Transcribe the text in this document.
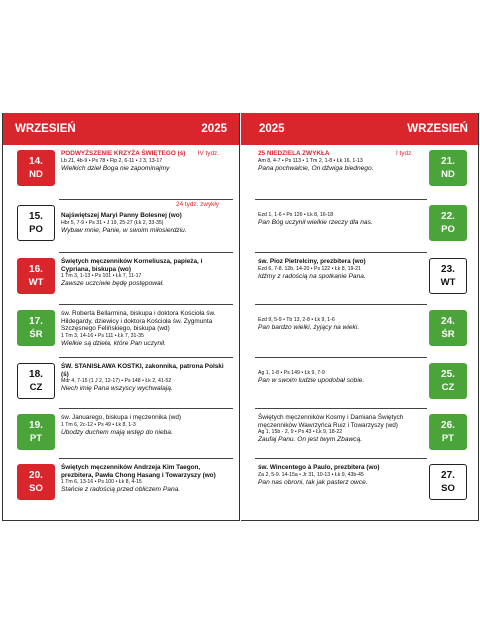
WRZESIEŃ	2025
14.
ND
IV tydz.
PODWYŻSZENIE KRZYŻA ŚWIĘTEGO (ś)
Lb 21, 4b-9 • Ps 78 • Flp 2, 6-11 • J 3, 13-17
Wielkich dzieł Boga nie zapominajmy
15.
PO
24 tydz. zwykły
Najświętszej Maryi Panny Bolesnej (wo)
Hbr 5, 7-9 • Ps 31 • J 19, 25-27 (Łk 2, 33-35)
Wybaw mnie, Panie, w swoim miłosierdziu.
16.
WT
Świętych męczenników Korneliusza, papieża, i Cypriana, biskupa (wo)
1 Tm 3, 1-13 • Ps 101 • Łk 7, 11-17
Zawsze uczciwie będę postępował.
17.
ŚR
św. Roberta Bellarmina, biskupa i doktora Kościoła św. Hildegardy, dziewicy i doktora Kościoła św. Zygmunta Szczęsnego Felińskiego, biskupa (wd)
1 Tm 3, 14-16 • Ps 111 • Łk 7, 31-35
Wielkie są dzieła, które Pan uczynił.
18.
CZ
ŚW. STANISŁAWA KOSTKI, zakonnika, patrona Polski (ś)
Mdr 4, 7-15 (1 J 2, 12-17) • Ps 148 • Łk 2, 41-52
Niech imię Pana wszyscy wychwalają.
19.
PT
św. Januarego, biskupa i męczennika (wd)
1 Tm 6, 2c-12 • Ps 49 • Łk 8, 1-3
Ubodzy duchem mają wstęp do nieba.
20.
SO
Świętych męczenników Andrzeja Kim Taegon, prezbitera, Pawła Chong Hasang i Towarzyszy (wo)
1 Tm 6, 13-16 • Ps 100 • Łk 8, 4-15
Stańcie z radością przed obliczem Pana.
2025	WRZESIEŃ
21.
ND
I tydz.
25 NIEDZIELA ZWYKŁA
Am 8, 4-7 • Ps 113 • 1 Tm 2, 1-8 • Łk 16, 1-13
Pana pochwalcie, On dźwiga biednego.
22.
PO
Ezd 1, 1-6 • Ps 126 • Łk 8, 16-18
Pan Bóg uczynił wielkie rzeczy dla nas.
23.
WT
św. Pioz Pietrelciny, prezbitera (wo)
Ezd 6, 7-8. 12b. 14-20 • Ps 122 • Łk 8, 19-21
Idźmy z radością na spotkanie Pana.
24.
ŚR
Ezd 9, 5-9 • Tb 13, 2-8 • Łk 9, 1-6
Pan bardzo wielki, żyjący na wieki.
25.
CZ
Ag 1, 1-8 • Ps 149 • Łk 9, 7-9
Pan w swoim ludzie upodobał sobie.
26.
PT
Świętych męczenników Kosmy i Damiana Świętych męczenników Wawrzyńca Ruiz i Towarzyszy (wd)
Ag 1, 15b - 2, 9 • Ps 43 • Łk 9, 18-22
Zaufaj Panu. On jest twym Zbawcą.
27.
SO
św. Wincentego à Paulo, prezbitera (wo)
Za 2, 5-9. 14-15a • Jr 31, 10-13 • Łk 9, 43b-45
Pan nas obroni, tak jak pasterz owce.
